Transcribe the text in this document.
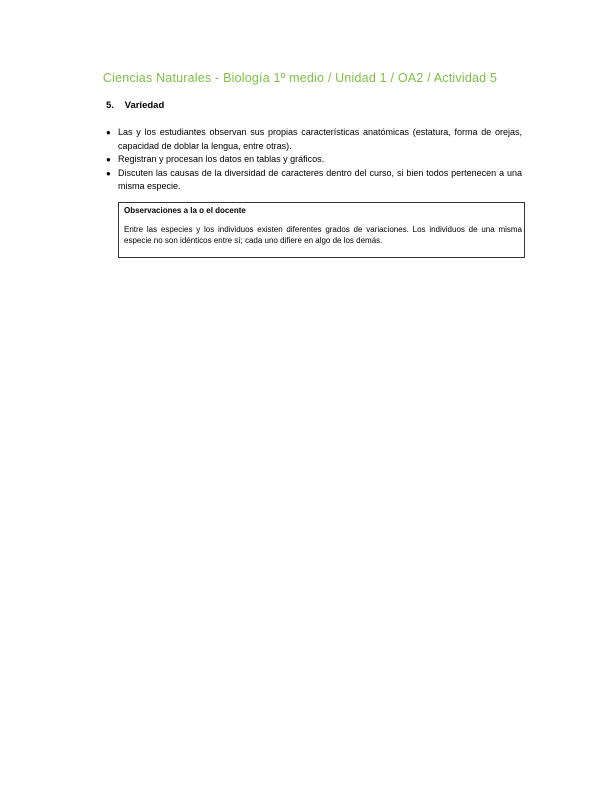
Ciencias Naturales - Biología 1º medio / Unidad 1 / OA2 / Actividad 5
5. Variedad
● Las y los estudiantes observan sus propias características anatómicas (estatura, forma de orejas, capacidad de doblar la lengua, entre otras).
● Registran y procesan los datos en tablas y gráficos.
● Discuten las causas de la diversidad de caracteres dentro del curso, si bien todos pertenecen a una misma especie.
Observaciones a la o el docente
Entre las especies y los individuos existen diferentes grados de variaciones. Los individuos de una misma especie no son idénticos entre sí; cada uno difiere en algo de los demás.
